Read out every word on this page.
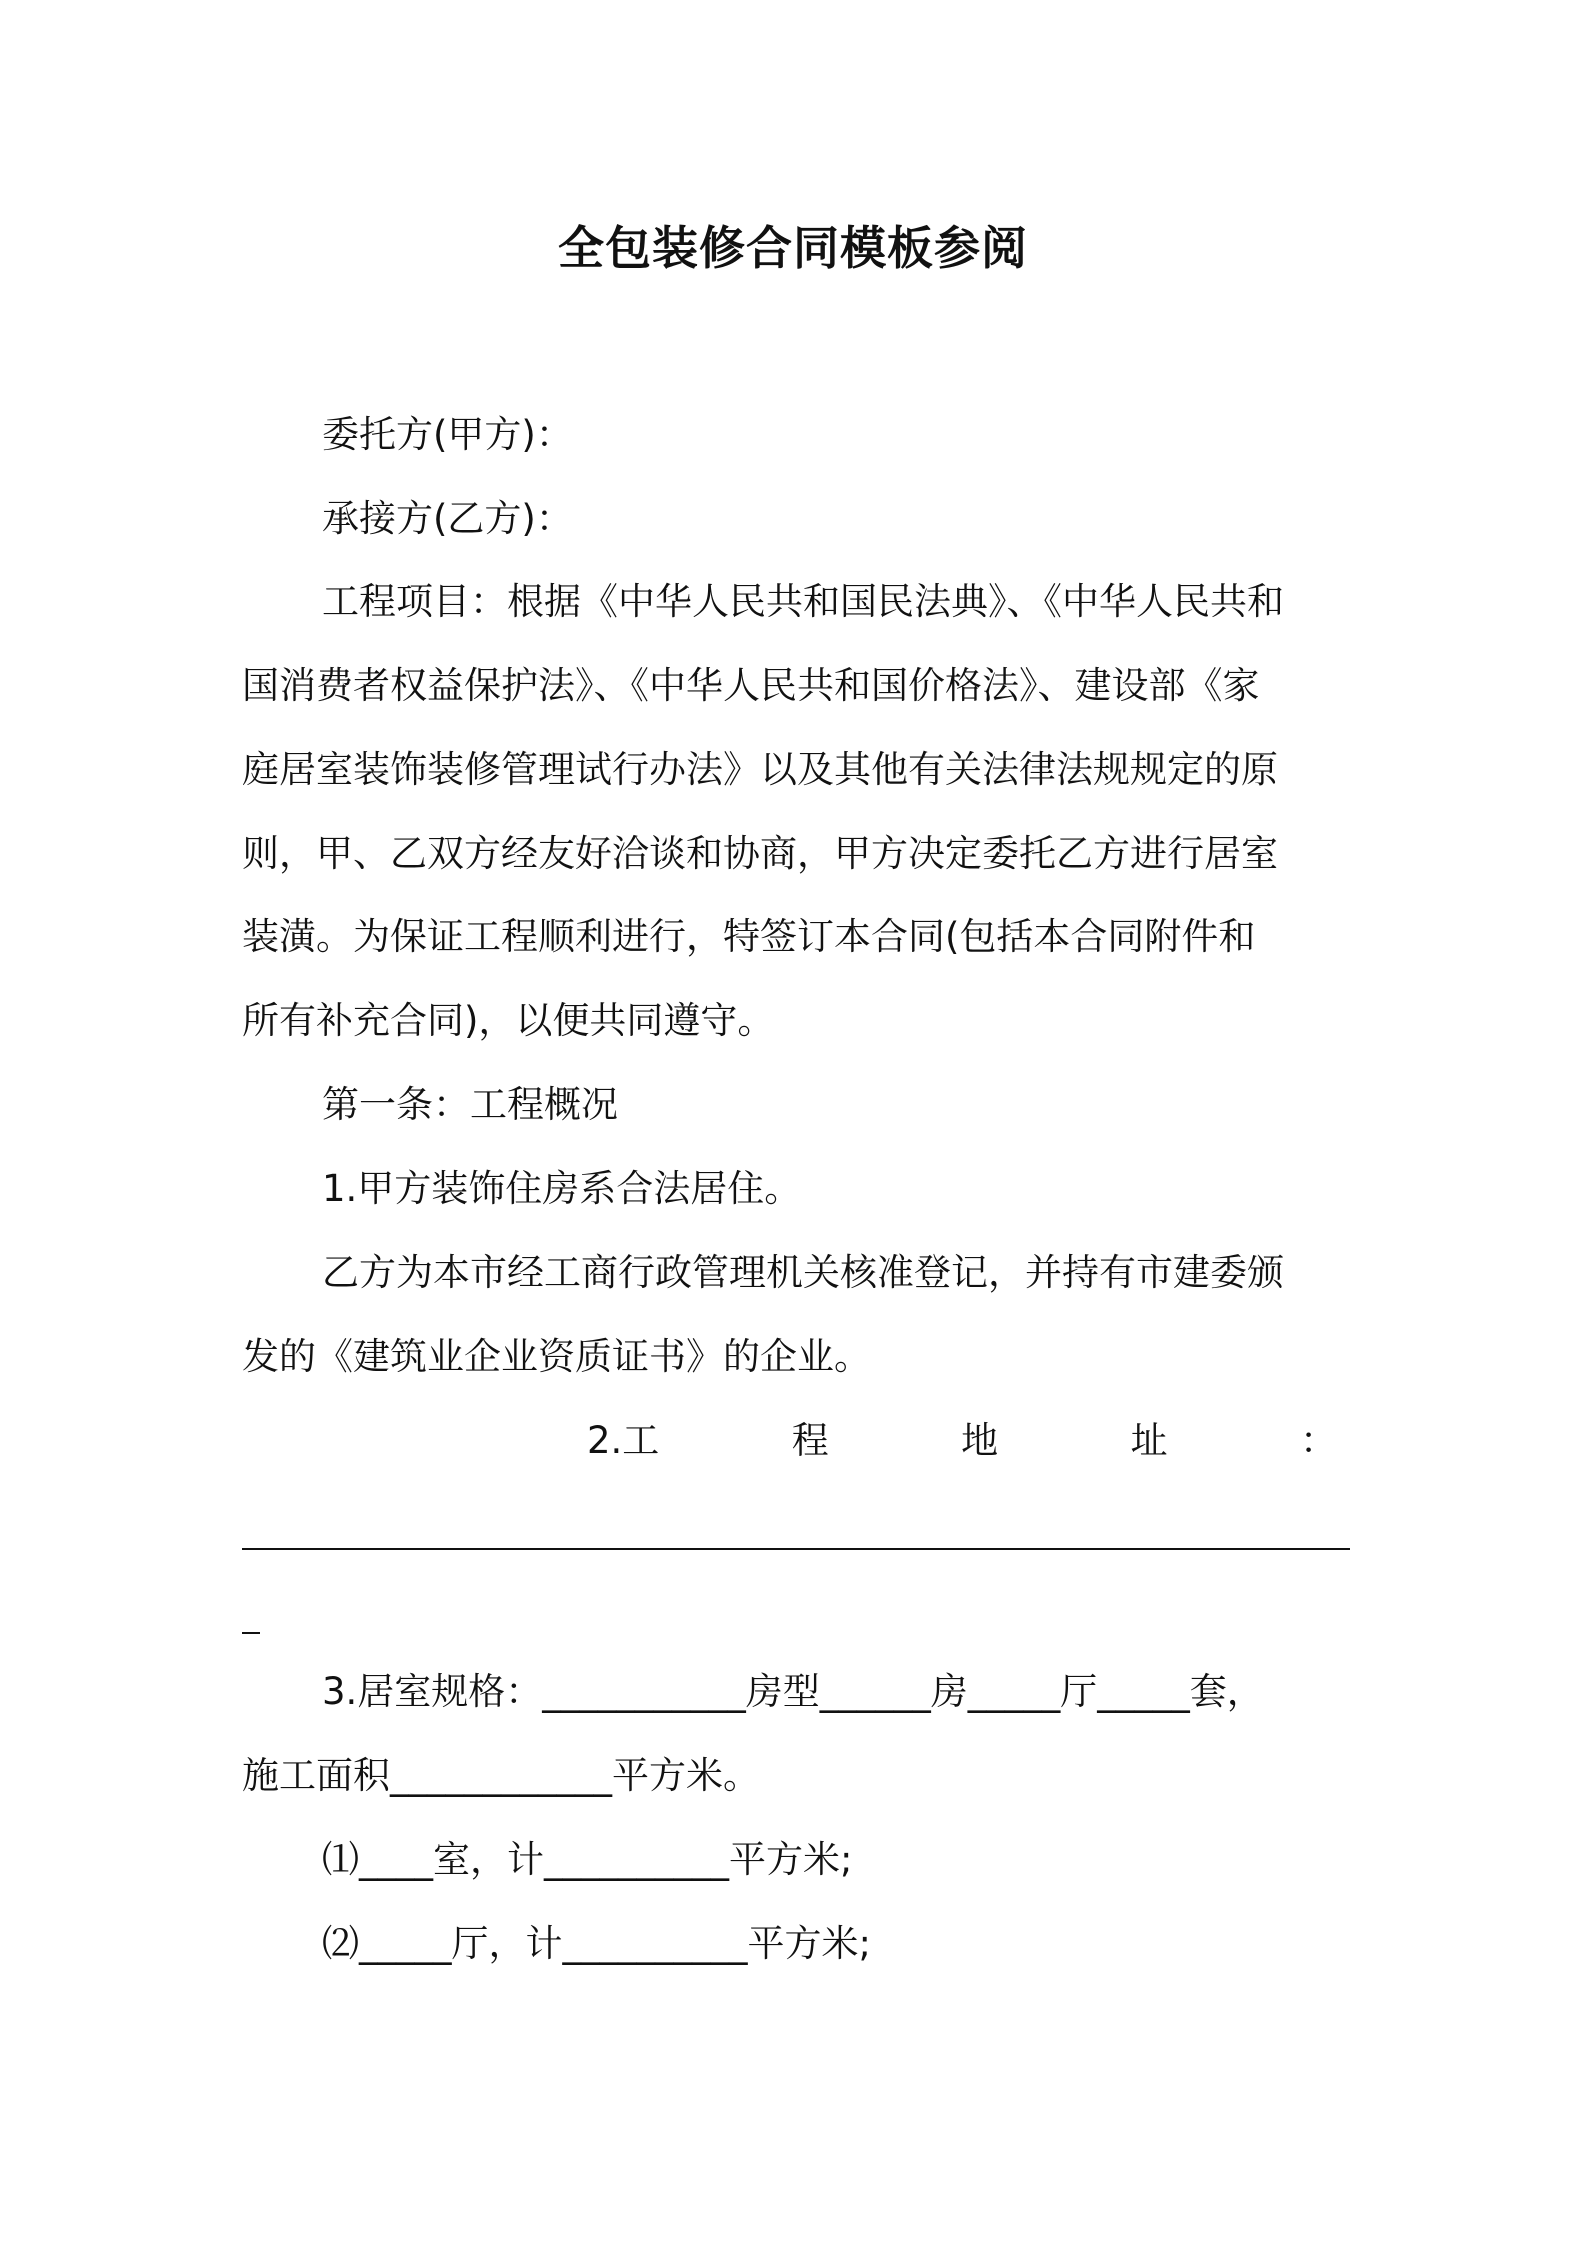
全包装修合同模板参阅
委托方(甲方)：
承接方(乙方)：
工程项目：根据《中华人民共和国民法典》、《中华人民共和
国消费者权益保护法》、《中华人民共和国价格法》、建设部《家
庭居室装饰装修管理试行办法》以及其他有关法律法规规定的原
则，甲、乙双方经友好洽谈和协商，甲方决定委托乙方进行居室
装潢。为保证工程顺利进行，特签订本合同(包括本合同附件和
所有补充合同)，以便共同遵守。
第一条：工程概况
1.甲方装饰住房系合法居住。
乙方为本市经工商行政管理机关核准登记，并持有市建委颁
发的《建筑业企业资质证书》的企业。
2.工	程	地	址	：
3.居室规格：___________房型______房_____厅_____套，
施工面积____________平方米。
⑴____室，计__________平方米;
⑵_____厅，计__________平方米;
